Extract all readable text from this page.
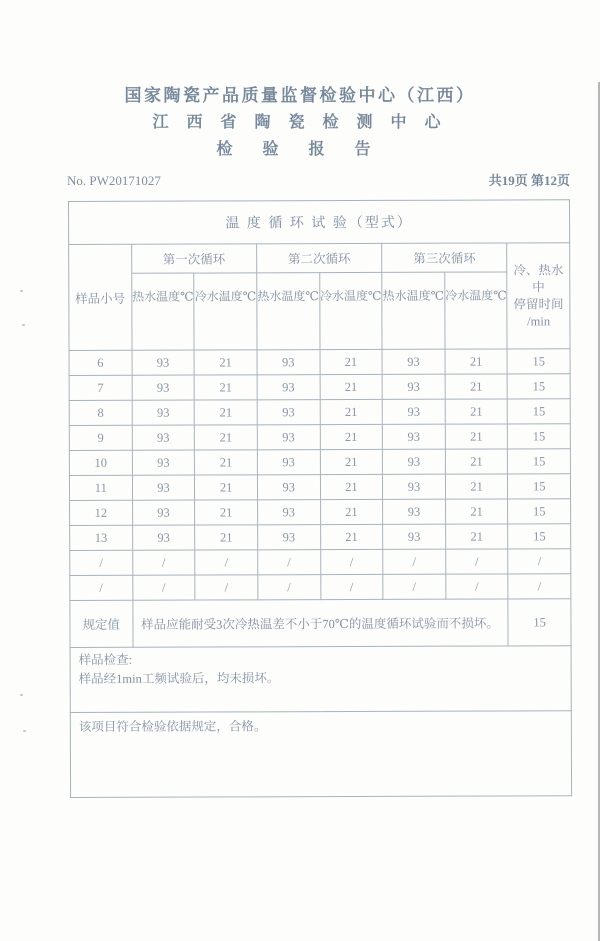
国家陶瓷产品质量监督检验中心（江西）
江 西 省 陶 瓷 检 测 中 心
检 验 报 告
No. PW20171027	共19页 第12页
温 度 循 环 试 验（型式）							
样品小号	第一次循环		第二次循环		第三次循环		冷、热水中
停留时间
/min
	热水温度℃	冷水温度℃	热水温度℃	冷水温度℃	热水温度℃	冷水温度℃	
6	93	21	93	21	93	21	15
7	93	21	93	21	93	21	15
8	93	21	93	21	93	21	15
9	93	21	93	21	93	21	15
10	93	21	93	21	93	21	15
11	93	21	93	21	93	21	15
12	93	21	93	21	93	21	15
13	93	21	93	21	93	21	15
/	/	/	/	/	/	/	/
/	/	/	/	/	/	/	/
规定值	样品应能耐受3次冷热温差不小于70℃的温度循环试验而不损坏。						15

样品检查:
样品经1min工频试验后，均未损坏。							

该项目符合检验依据规定，合格。							
